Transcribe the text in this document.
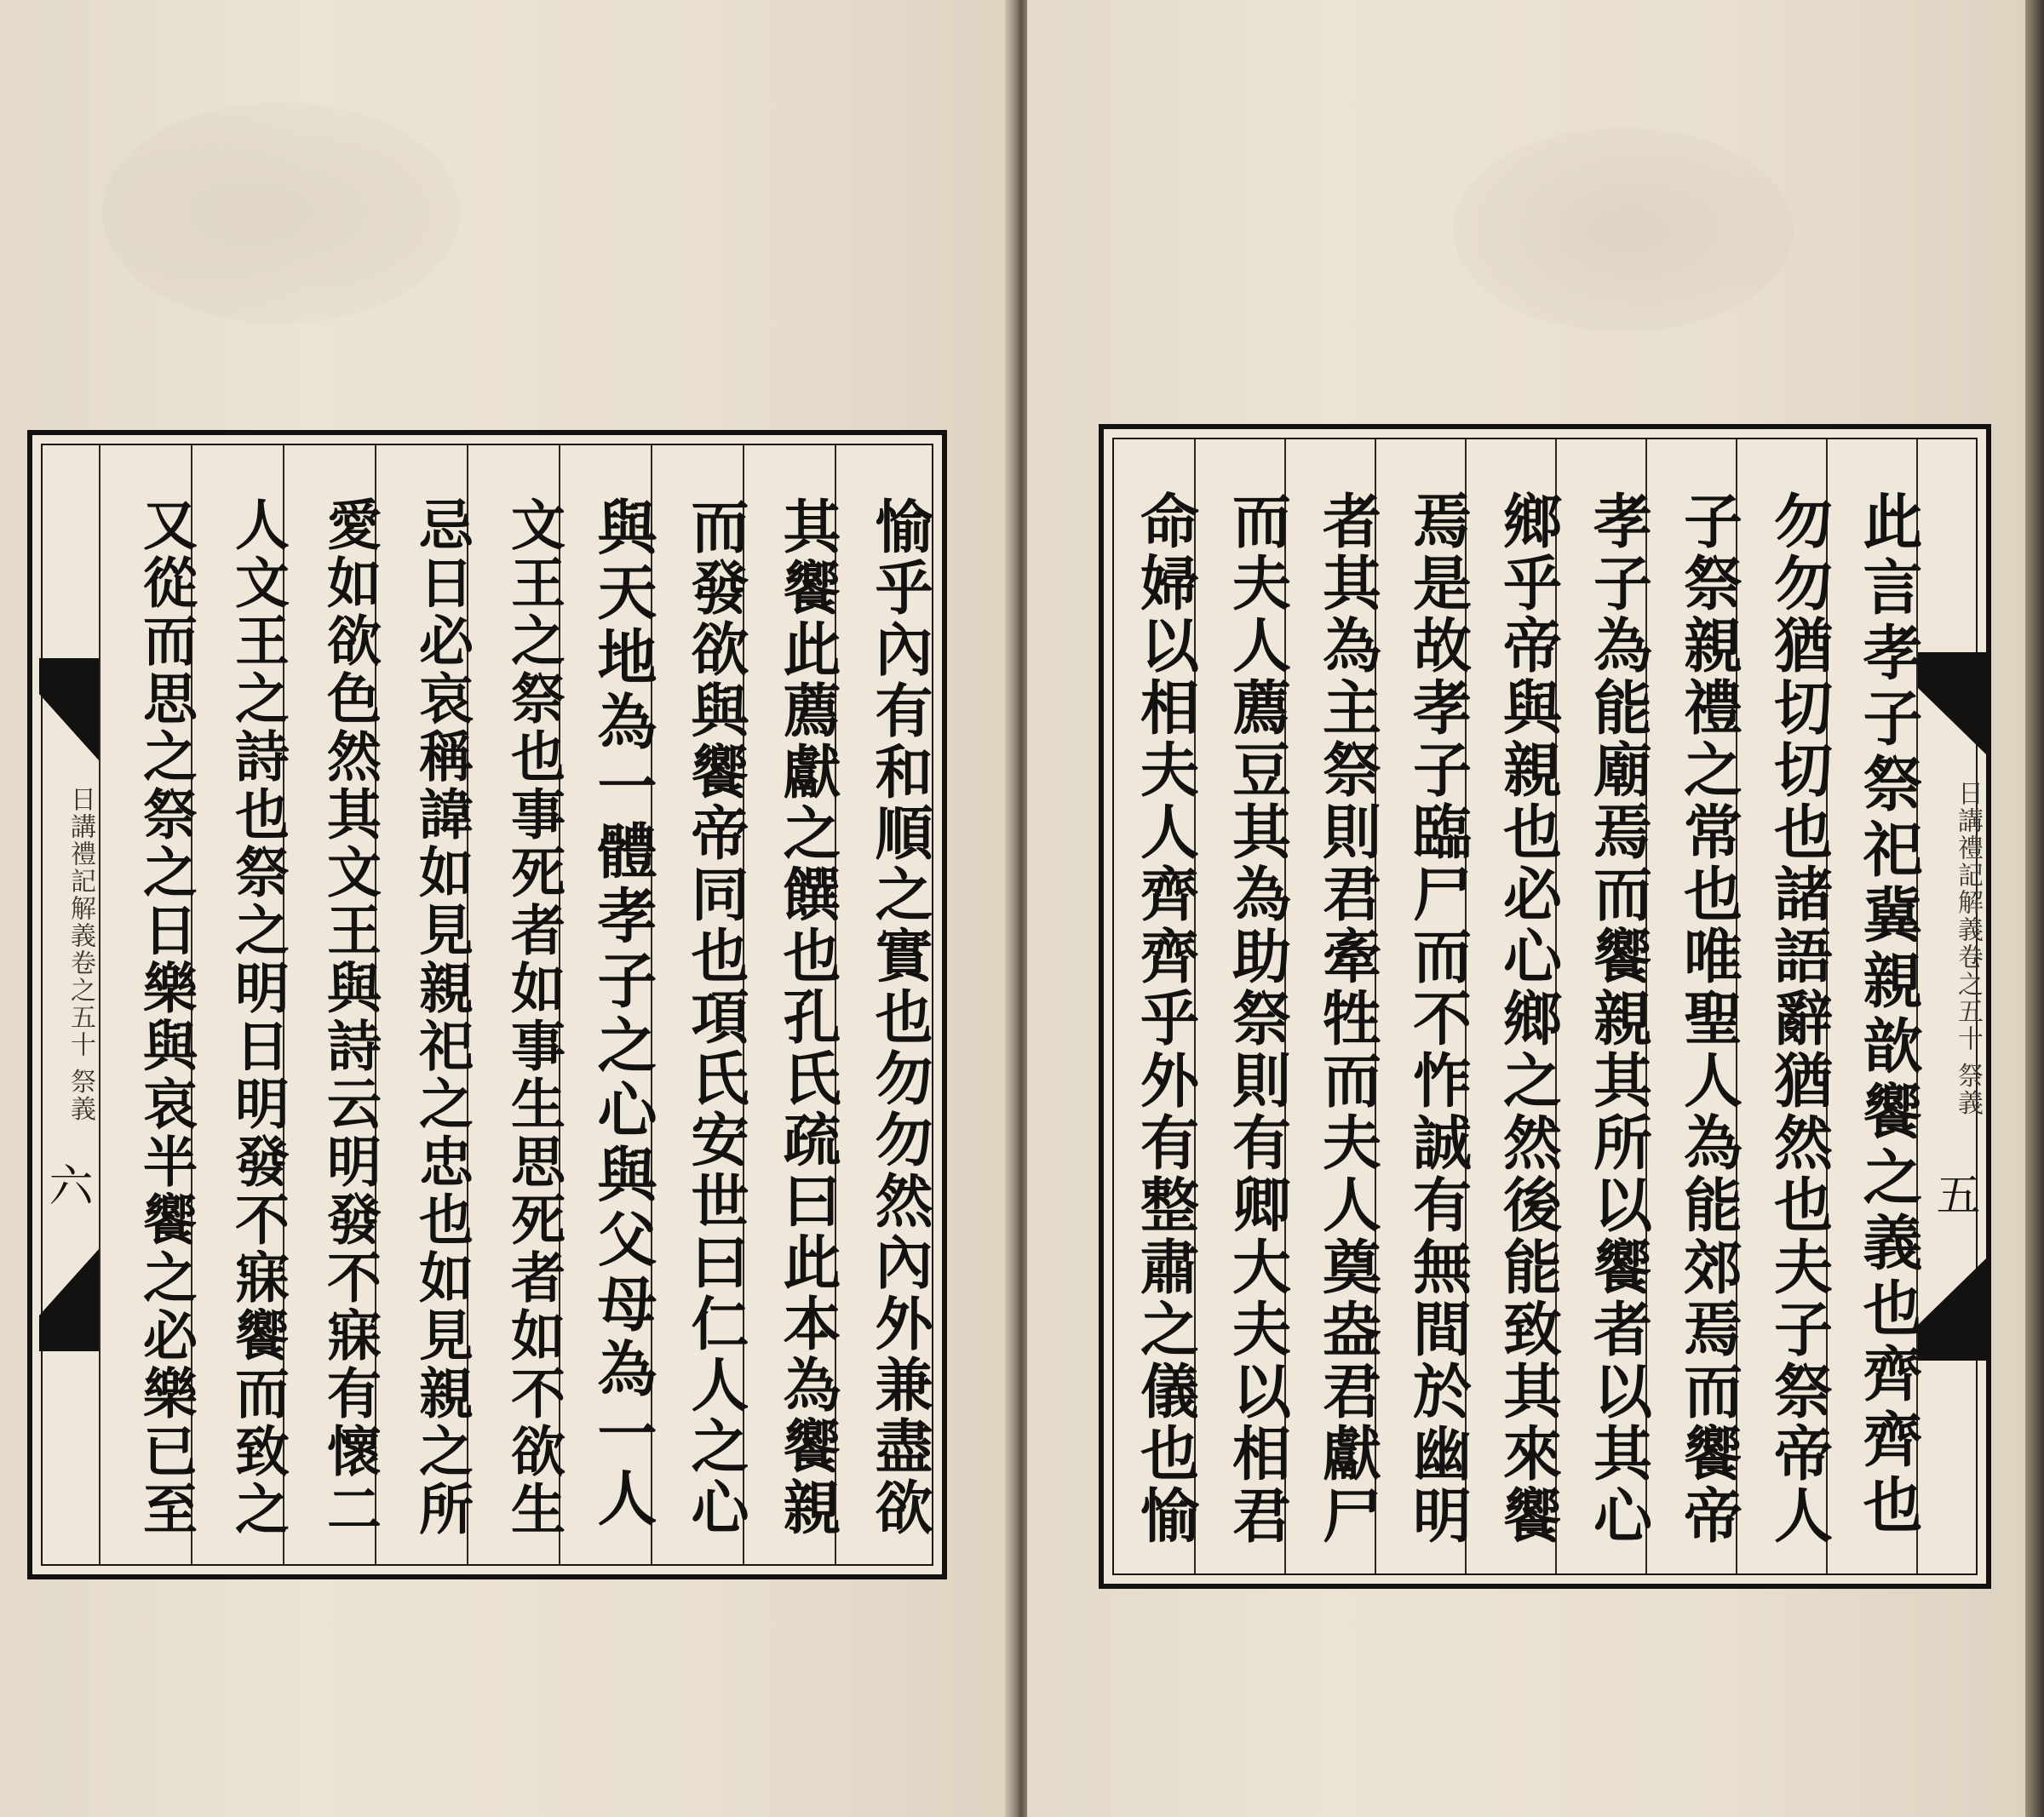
愉乎內有和順之實也勿勿然內外兼盡欲
其饗此薦獻之饌也孔氏疏曰此本為饗親
而發欲與饗帝同也項氏安世曰仁人之心
與天地為一體孝子之心與父母為一人
文王之祭也事死者如事生思死者如不欲生
忌日必哀稱諱如見親祀之忠也如見親之所
愛如欲色然其文王與詩云明發不寐有懷二
人文王之詩也祭之明日明發不寐饗而致之
又從而思之祭之日樂與哀半饗之必樂已至
日講禮記解義卷之五十 祭義
六
日講禮記解義卷之五十 祭義
五
此言孝子祭祀冀親歆饗之義也齊齊也
勿勿猶切切也諸語辭猶然也夫子祭帝人
子祭親禮之常也唯聖人為能郊焉而饗帝
孝子為能廟焉而饗親其所以饗者以其心
鄉乎帝與親也必心鄉之然後能致其來饗
焉是故孝子臨尸而不怍誠有無間於幽明
者其為主祭則君牽牲而夫人奠盎君獻尸
而夫人薦豆其為助祭則有卿大夫以相君
命婦以相夫人齊齊乎外有整肅之儀也愉
